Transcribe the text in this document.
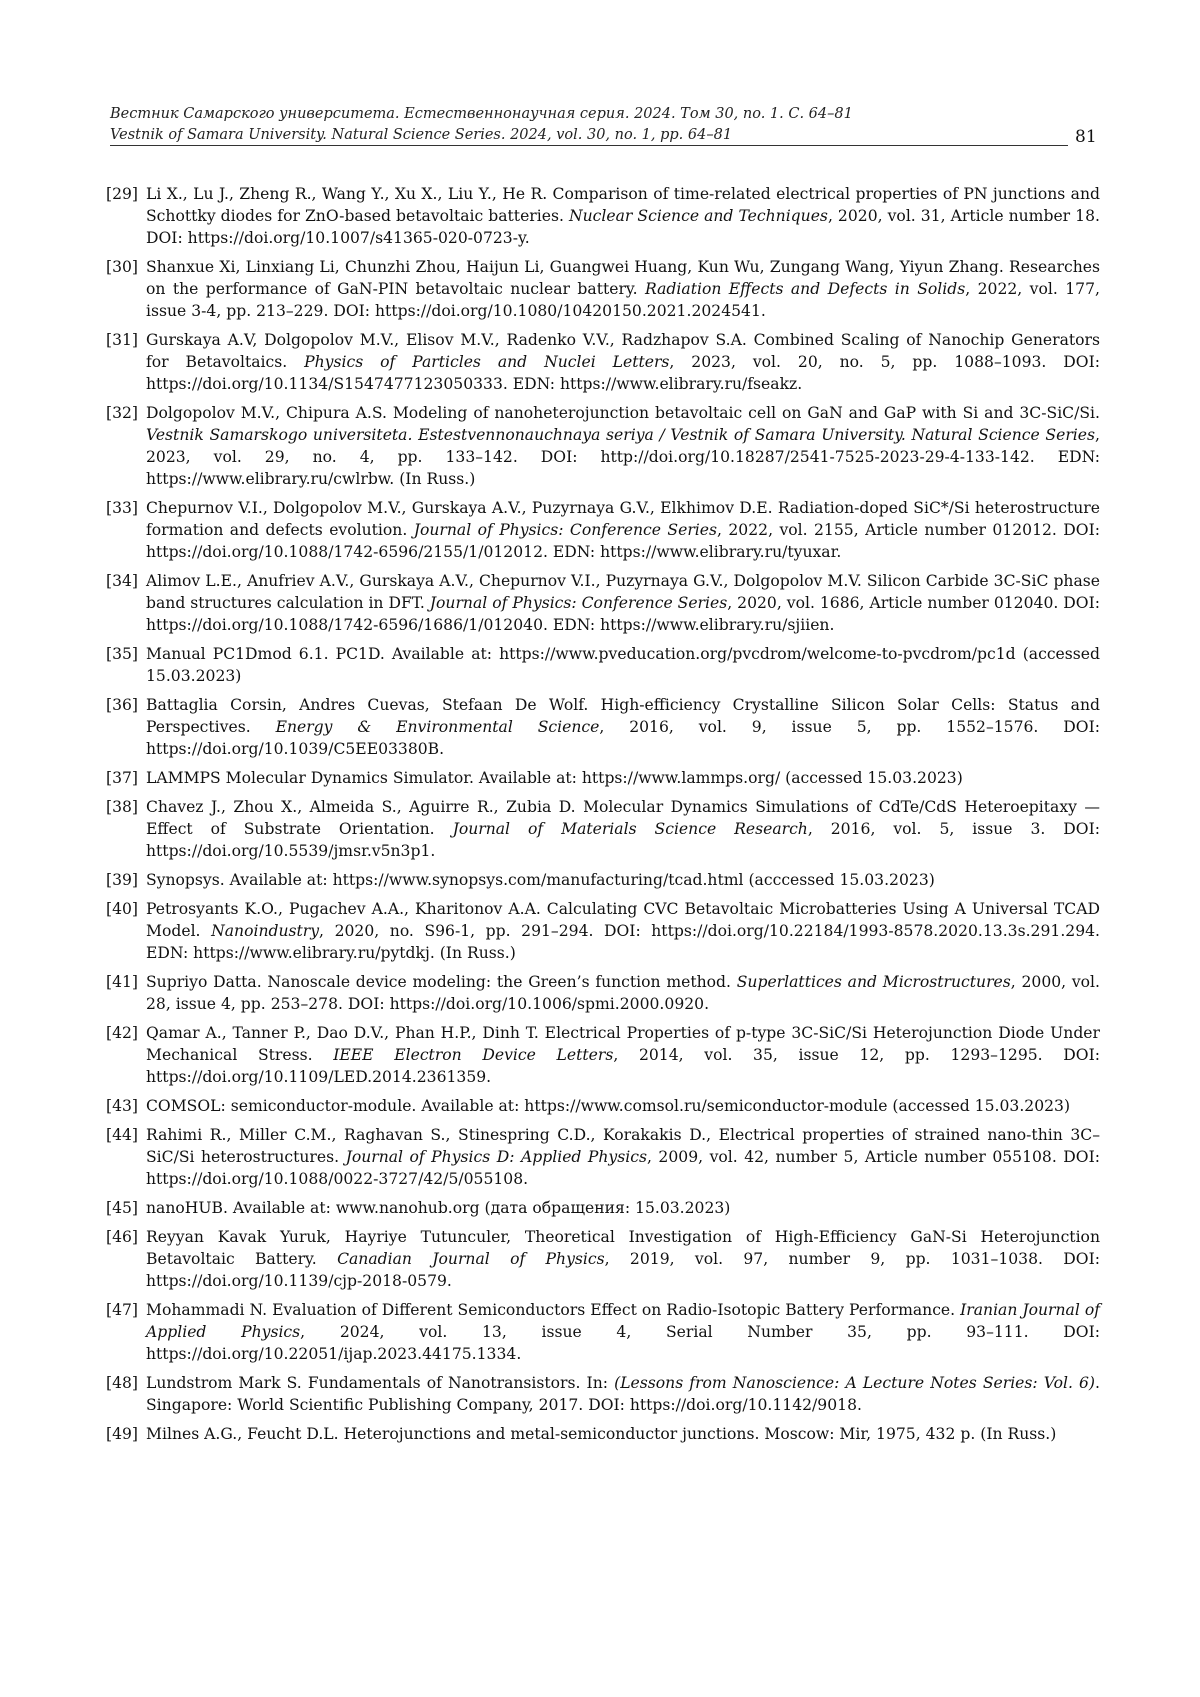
Вестник Самарского университета. Естественнонаучная серия. 2024. Том 30, no. 1. С. 64–81
Vestnik of Samara University. Natural Science Series. 2024, vol. 30, no. 1, pp. 64–81	81
[29] Li X., Lu J., Zheng R., Wang Y., Xu X., Liu Y., He R. Comparison of time-related electrical properties of PN junctions and Schottky diodes for ZnO-based betavoltaic batteries. Nuclear Science and Techniques, 2020, vol. 31, Article number 18. DOI: https://doi.org/10.1007/s41365-020-0723-y.
[30] Shanxue Xi, Linxiang Li, Chunzhi Zhou, Haijun Li, Guangwei Huang, Kun Wu, Zungang Wang, Yiyun Zhang. Researches on the performance of GaN-PIN betavoltaic nuclear battery. Radiation Effects and Defects in Solids, 2022, vol. 177, issue 3-4, pp. 213–229. DOI: https://doi.org/10.1080/10420150.2021.2024541.
[31] Gurskaya A.V, Dolgopolov M.V., Elisov M.V., Radenko V.V., Radzhapov S.A. Combined Scaling of Nanochip Generators for Betavoltaics. Physics of Particles and Nuclei Letters, 2023, vol. 20, no. 5, pp. 1088–1093. DOI: https://doi.org/10.1134/S1547477123050333. EDN: https://www.elibrary.ru/fseakz.
[32] Dolgopolov M.V., Chipura A.S. Modeling of nanoheterojunction betavoltaic cell on GaN and GaP with Si and 3C-SiC/Si. Vestnik Samarskogo universiteta. Estestvennonauchnaya seriya / Vestnik of Samara University. Natural Science Series, 2023, vol. 29, no. 4, pp. 133–142. DOI: http://doi.org/10.18287/2541-7525-2023-29-4-133-142. EDN: https://www.elibrary.ru/cwlrbw. (In Russ.)
[33] Chepurnov V.I., Dolgopolov M.V., Gurskaya A.V., Puzyrnaya G.V., Elkhimov D.E. Radiation-doped SiC*/Si heterostructure formation and defects evolution. Journal of Physics: Conference Series, 2022, vol. 2155, Article number 012012. DOI: https://doi.org/10.1088/1742-6596/2155/1/012012. EDN: https://www.elibrary.ru/tyuxar.
[34] Alimov L.E., Anufriev A.V., Gurskaya A.V., Chepurnov V.I., Puzyrnaya G.V., Dolgopolov M.V. Silicon Carbide 3C-SiC phase band structures calculation in DFT. Journal of Physics: Conference Series, 2020, vol. 1686, Article number 012040. DOI: https://doi.org/10.1088/1742-6596/1686/1/012040. EDN: https://www.elibrary.ru/sjiien.
[35] Manual PC1Dmod 6.1. PC1D. Available at: https://www.pveducation.org/pvcdrom/welcome-to-pvcdrom/pc1d (accessed 15.03.2023)
[36] Battaglia Corsin, Andres Cuevas, Stefaan De Wolf. High-efficiency Crystalline Silicon Solar Cells: Status and Perspectives. Energy & Environmental Science, 2016, vol. 9, issue 5, pp. 1552–1576. DOI: https://doi.org/10.1039/C5EE03380B.
[37] LAMMPS Molecular Dynamics Simulator. Available at: https://www.lammps.org/ (accessed 15.03.2023)
[38] Chavez J., Zhou X., Almeida S., Aguirre R., Zubia D. Molecular Dynamics Simulations of CdTe/CdS Heteroepitaxy — Effect of Substrate Orientation. Journal of Materials Science Research, 2016, vol. 5, issue 3. DOI: https://doi.org/10.5539/jmsr.v5n3p1.
[39] Synopsys. Available at: https://www.synopsys.com/manufacturing/tcad.html (acccessed 15.03.2023)
[40] Petrosyants K.O., Pugachev A.A., Kharitonov A.A. Calculating CVC Betavoltaic Microbatteries Using A Universal TCAD Model. Nanoindustry, 2020, no. S96-1, pp. 291–294. DOI: https://doi.org/10.22184/1993-8578.2020.13.3s.291.294. EDN: https://www.elibrary.ru/pytdkj. (In Russ.)
[41] Supriyo Datta. Nanoscale device modeling: the Green’s function method. Superlattices and Microstructures, 2000, vol. 28, issue 4, pp. 253–278. DOI: https://doi.org/10.1006/spmi.2000.0920.
[42] Qamar A., Tanner P., Dao D.V., Phan H.P., Dinh T. Electrical Properties of p-type 3C-SiC/Si Heterojunction Diode Under Mechanical Stress. IEEE Electron Device Letters, 2014, vol. 35, issue 12, pp. 1293–1295. DOI: https://doi.org/10.1109/LED.2014.2361359.
[43] COMSOL: semiconductor-module. Available at: https://www.comsol.ru/semiconductor-module (accessed 15.03.2023)
[44] Rahimi R., Miller C.M., Raghavan S., Stinespring C.D., Korakakis D., Electrical properties of strained nano-thin 3C–SiC/Si heterostructures. Journal of Physics D: Applied Physics, 2009, vol. 42, number 5, Article number 055108. DOI: https://doi.org/10.1088/0022-3727/42/5/055108.
[45] nanoHUB. Available at: www.nanohub.org (дата обращения: 15.03.2023)
[46] Reyyan Kavak Yuruk, Hayriye Tutunculer, Theoretical Investigation of High-Efficiency GaN-Si Heterojunction Betavoltaic Battery. Canadian Journal of Physics, 2019, vol. 97, number 9, pp. 1031–1038. DOI: https://doi.org/10.1139/cjp-2018-0579.
[47] Mohammadi N. Evaluation of Different Semiconductors Effect on Radio-Isotopic Battery Performance. Iranian Journal of Applied Physics, 2024, vol. 13, issue 4, Serial Number 35, pp. 93–111. DOI: https://doi.org/10.22051/ijap.2023.44175.1334.
[48] Lundstrom Mark S. Fundamentals of Nanotransistors. In: (Lessons from Nanoscience: A Lecture Notes Series: Vol. 6). Singapore: World Scientific Publishing Company, 2017. DOI: https://doi.org/10.1142/9018.
[49] Milnes A.G., Feucht D.L. Heterojunctions and metal-semiconductor junctions. Moscow: Mir, 1975, 432 p. (In Russ.)
